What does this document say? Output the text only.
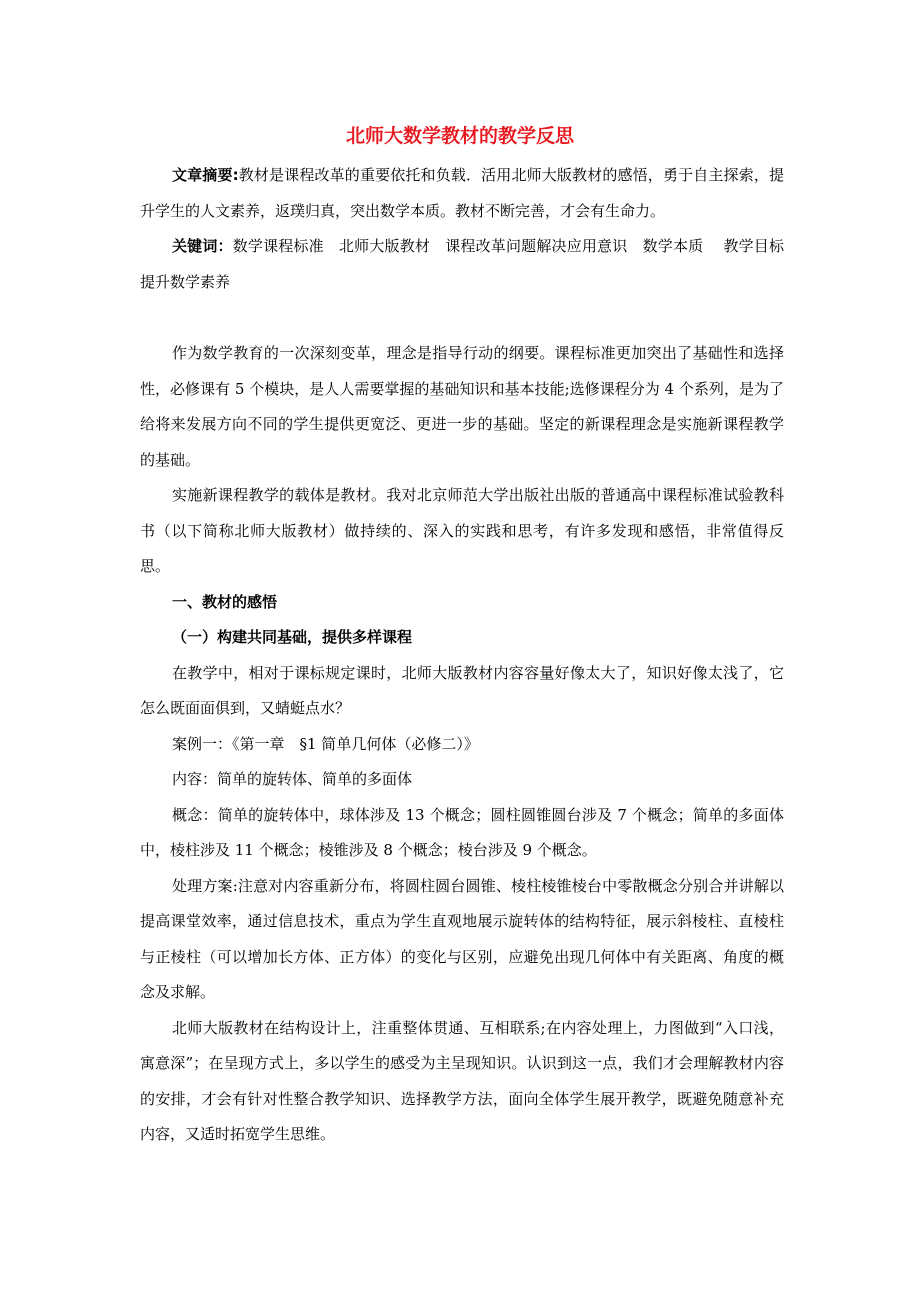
北师大数学教材的教学反思

文章摘要:教材是课程改革的重要依托和负载．活用北师大版教材的感悟，勇于自主探索，提升学生的人文素养，返璞归真，突出数学本质。教材不断完善，才会有生命力。

关键词：数学课程标准　北师大版教材　课程改革问题解决应用意识　数学本质　 教学目标　提升数学素养

作为数学教育的一次深刻变革，理念是指导行动的纲要。课程标准更加突出了基础性和选择性，必修课有 5 个模块，是人人需要掌握的基础知识和基本技能;选修课程分为 4 个系列，是为了给将来发展方向不同的学生提供更宽泛、更进一步的基础。坚定的新课程理念是实施新课程教学的基础。

实施新课程教学的载体是教材。我对北京师范大学出版社出版的普通高中课程标准试验教科书（以下简称北师大版教材）做持续的、深入的实践和思考，有许多发现和感悟，非常值得反思。

一、教材的感悟

（一）构建共同基础，提供多样课程

在教学中，相对于课标规定课时，北师大版教材内容容量好像太大了，知识好像太浅了，它怎么既面面俱到，又蜻蜓点水？

案例一：《第一章　§1 简单几何体（必修二）》

内容：简单的旋转体、简单的多面体

概念：简单的旋转体中，球体涉及 13 个概念；圆柱圆锥圆台涉及 7 个概念；简单的多面体中，棱柱涉及 11 个概念；棱锥涉及 8 个概念；棱台涉及 9 个概念。

处理方案:注意对内容重新分布，将圆柱圆台圆锥、棱柱棱锥棱台中零散概念分别合并讲解以提高课堂效率，通过信息技术，重点为学生直观地展示旋转体的结构特征，展示斜棱柱、直棱柱与正棱柱（可以增加长方体、正方体）的变化与区别，应避免出现几何体中有关距离、角度的概念及求解。

北师大版教材在结构设计上，注重整体贯通、互相联系;在内容处理上，力图做到“入口浅，寓意深”；在呈现方式上，多以学生的感受为主呈现知识。认识到这一点，我们才会理解教材内容的安排，才会有针对性整合教学知识、选择教学方法，面向全体学生展开教学，既避免随意补充内容，又适时拓宽学生思维。
